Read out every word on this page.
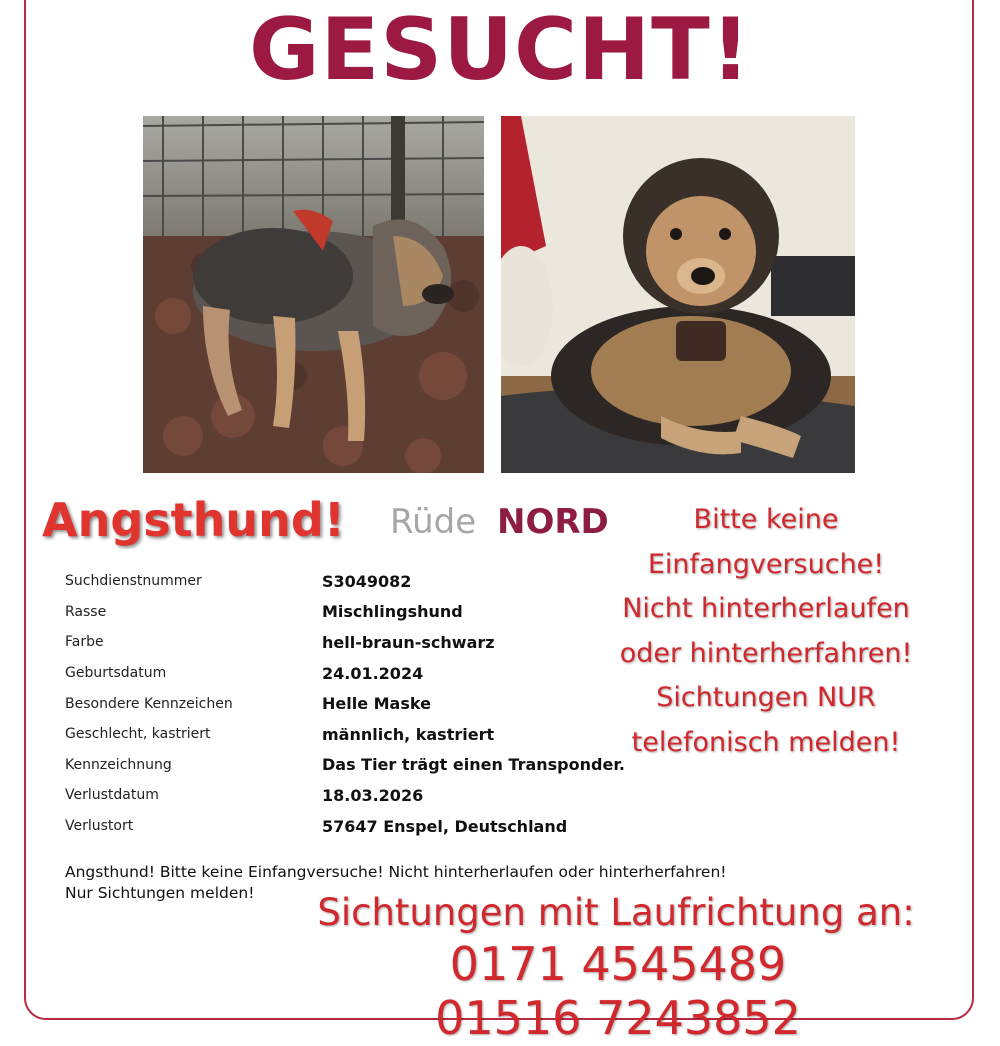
GESUCHT!
Angsthund! Rüde NORD	Bitte keine
Einfangversuche!
Nicht hinterherlaufen
oder hinterherfahren!
Sichtungen NUR
telefonisch melden!
Suchdienstnummer	S3049082
Rasse	Mischlingshund
Farbe	hell-braun-schwarz
Geburtsdatum	24.01.2024
Besondere Kennzeichen	Helle Maske
Geschlecht, kastriert	männlich, kastriert
Kennzeichnung	Das Tier trägt einen Transponder.
Verlustdatum	18.03.2026
Verlustort	57647 Enspel, Deutschland
Angsthund! Bitte keine Einfangversuche! Nicht hinterherlaufen oder hinterherfahren!
Nur Sichtungen melden!	Sichtungen mit Laufrichtung an:
0171 4545489
01516 7243852
